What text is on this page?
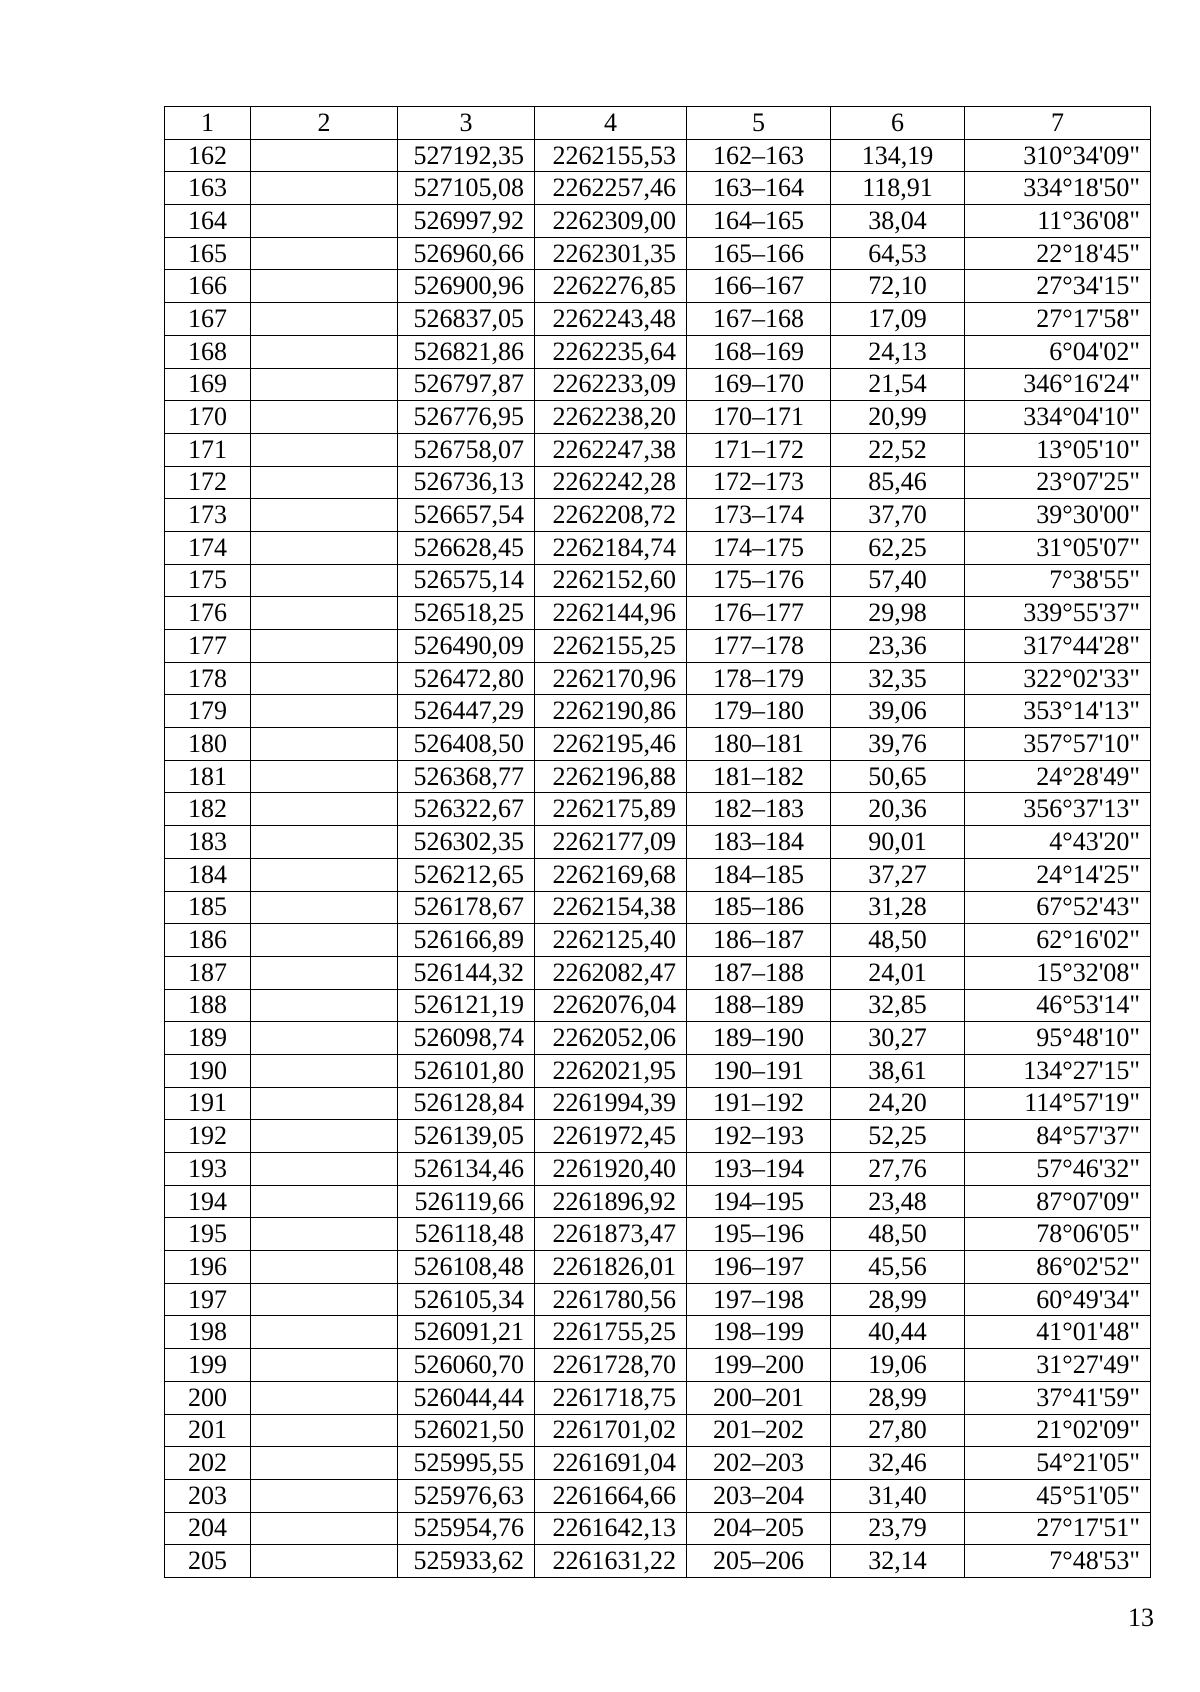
1	2	3	4	5	6	7
162		527192,35	2262155,53	162–163	134,19	310°34'09"
163		527105,08	2262257,46	163–164	118,91	334°18'50"
164		526997,92	2262309,00	164–165	38,04	11°36'08"
165		526960,66	2262301,35	165–166	64,53	22°18'45"
166		526900,96	2262276,85	166–167	72,10	27°34'15"
167		526837,05	2262243,48	167–168	17,09	27°17'58"
168		526821,86	2262235,64	168–169	24,13	6°04'02"
169		526797,87	2262233,09	169–170	21,54	346°16'24"
170		526776,95	2262238,20	170–171	20,99	334°04'10"
171		526758,07	2262247,38	171–172	22,52	13°05'10"
172		526736,13	2262242,28	172–173	85,46	23°07'25"
173		526657,54	2262208,72	173–174	37,70	39°30'00"
174		526628,45	2262184,74	174–175	62,25	31°05'07"
175		526575,14	2262152,60	175–176	57,40	7°38'55"
176		526518,25	2262144,96	176–177	29,98	339°55'37"
177		526490,09	2262155,25	177–178	23,36	317°44'28"
178		526472,80	2262170,96	178–179	32,35	322°02'33"
179		526447,29	2262190,86	179–180	39,06	353°14'13"
180		526408,50	2262195,46	180–181	39,76	357°57'10"
181		526368,77	2262196,88	181–182	50,65	24°28'49"
182		526322,67	2262175,89	182–183	20,36	356°37'13"
183		526302,35	2262177,09	183–184	90,01	4°43'20"
184		526212,65	2262169,68	184–185	37,27	24°14'25"
185		526178,67	2262154,38	185–186	31,28	67°52'43"
186		526166,89	2262125,40	186–187	48,50	62°16'02"
187		526144,32	2262082,47	187–188	24,01	15°32'08"
188		526121,19	2262076,04	188–189	32,85	46°53'14"
189		526098,74	2262052,06	189–190	30,27	95°48'10"
190		526101,80	2262021,95	190–191	38,61	134°27'15"
191		526128,84	2261994,39	191–192	24,20	114°57'19"
192		526139,05	2261972,45	192–193	52,25	84°57'37"
193		526134,46	2261920,40	193–194	27,76	57°46'32"
194		526119,66	2261896,92	194–195	23,48	87°07'09"
195		526118,48	2261873,47	195–196	48,50	78°06'05"
196		526108,48	2261826,01	196–197	45,56	86°02'52"
197		526105,34	2261780,56	197–198	28,99	60°49'34"
198		526091,21	2261755,25	198–199	40,44	41°01'48"
199		526060,70	2261728,70	199–200	19,06	31°27'49"
200		526044,44	2261718,75	200–201	28,99	37°41'59"
201		526021,50	2261701,02	201–202	27,80	21°02'09"
202		525995,55	2261691,04	202–203	32,46	54°21'05"
203		525976,63	2261664,66	203–204	31,40	45°51'05"
204		525954,76	2261642,13	204–205	23,79	27°17'51"
205		525933,62	2261631,22	205–206	32,14	7°48'53"
13
